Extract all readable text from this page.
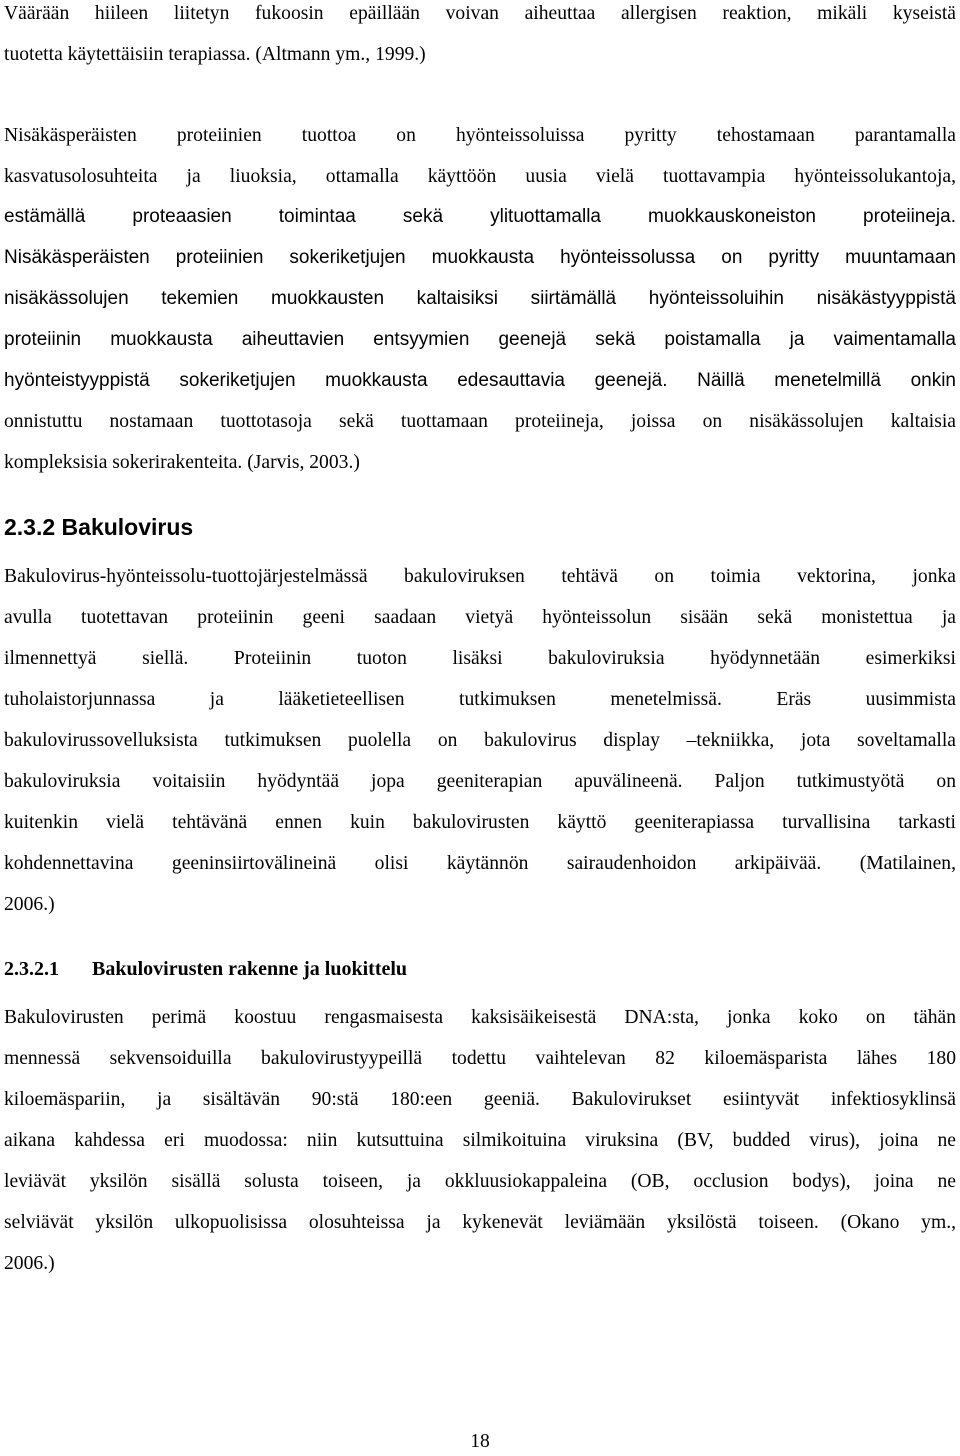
Väärään hiileen liitetyn fukoosin epäillään voivan aiheuttaa allergisen reaktion, mikäli kyseistä
tuotetta käytettäisiin terapiassa. (Altmann ym., 1999.)
Nisäkäsperäisten proteiinien tuottoa on hyönteissoluissa pyritty tehostamaan parantamalla
kasvatusolosuhteita ja liuoksia, ottamalla käyttöön uusia vielä tuottavampia hyönteissolukantoja,
estämällä proteaasien toimintaa sekä ylituottamalla muokkauskoneiston proteiineja.
Nisäkäsperäisten proteiinien sokeriketjujen muokkausta hyönteissolussa on pyritty muuntamaan
nisäkässolujen tekemien muokkausten kaltaisiksi siirtämällä hyönteissoluihin nisäkästyyppistä
proteiinin muokkausta aiheuttavien entsyymien geenejä sekä poistamalla ja vaimentamalla
hyönteistyyppistä sokeriketjujen muokkausta edesauttavia geenejä. Näillä menetelmillä onkin
onnistuttu nostamaan tuottotasoja sekä tuottamaan proteiineja, joissa on nisäkässolujen kaltaisia
kompleksisia sokerirakenteita. (Jarvis, 2003.)
2.3.2 Bakulovirus
Bakulovirus-hyönteissolu-tuottojärjestelmässä bakuloviruksen tehtävä on toimia vektorina, jonka
avulla tuotettavan proteiinin geeni saadaan vietyä hyönteissolun sisään sekä monistettua ja
ilmennettyä siellä. Proteiinin tuoton lisäksi bakuloviruksia hyödynnetään esimerkiksi
tuholaistorjunnassa ja lääketieteellisen tutkimuksen menetelmissä. Eräs uusimmista
bakulovirussovelluksista tutkimuksen puolella on bakulovirus display –tekniikka, jota soveltamalla
bakuloviruksia voitaisiin hyödyntää jopa geeniterapian apuvälineenä. Paljon tutkimustyötä on
kuitenkin vielä tehtävänä ennen kuin bakulovirusten käyttö geeniterapiassa turvallisina tarkasti
kohdennettavina geeninsiirtovälineinä olisi käytännön sairaudenhoidon arkipäivää. (Matilainen,
2006.)
2.3.2.1 Bakulovirusten rakenne ja luokittelu
Bakulovirusten perimä koostuu rengasmaisesta kaksisäikeisestä DNA:sta, jonka koko on tähän
mennessä sekvensoiduilla bakulovirustyypeillä todettu vaihtelevan 82 kiloemäsparista lähes 180
kiloemäspariin, ja sisältävän 90:stä 180:een geeniä. Bakulovirukset esiintyvät infektiosyklinsä
aikana kahdessa eri muodossa: niin kutsuttuina silmikoituina viruksina (BV, budded virus), joina ne
leviävät yksilön sisällä solusta toiseen, ja okkluusiokappaleina (OB, occlusion bodys), joina ne
selviävät yksilön ulkopuolisissa olosuhteissa ja kykenevät leviämään yksilöstä toiseen. (Okano ym.,
2006.)
18
